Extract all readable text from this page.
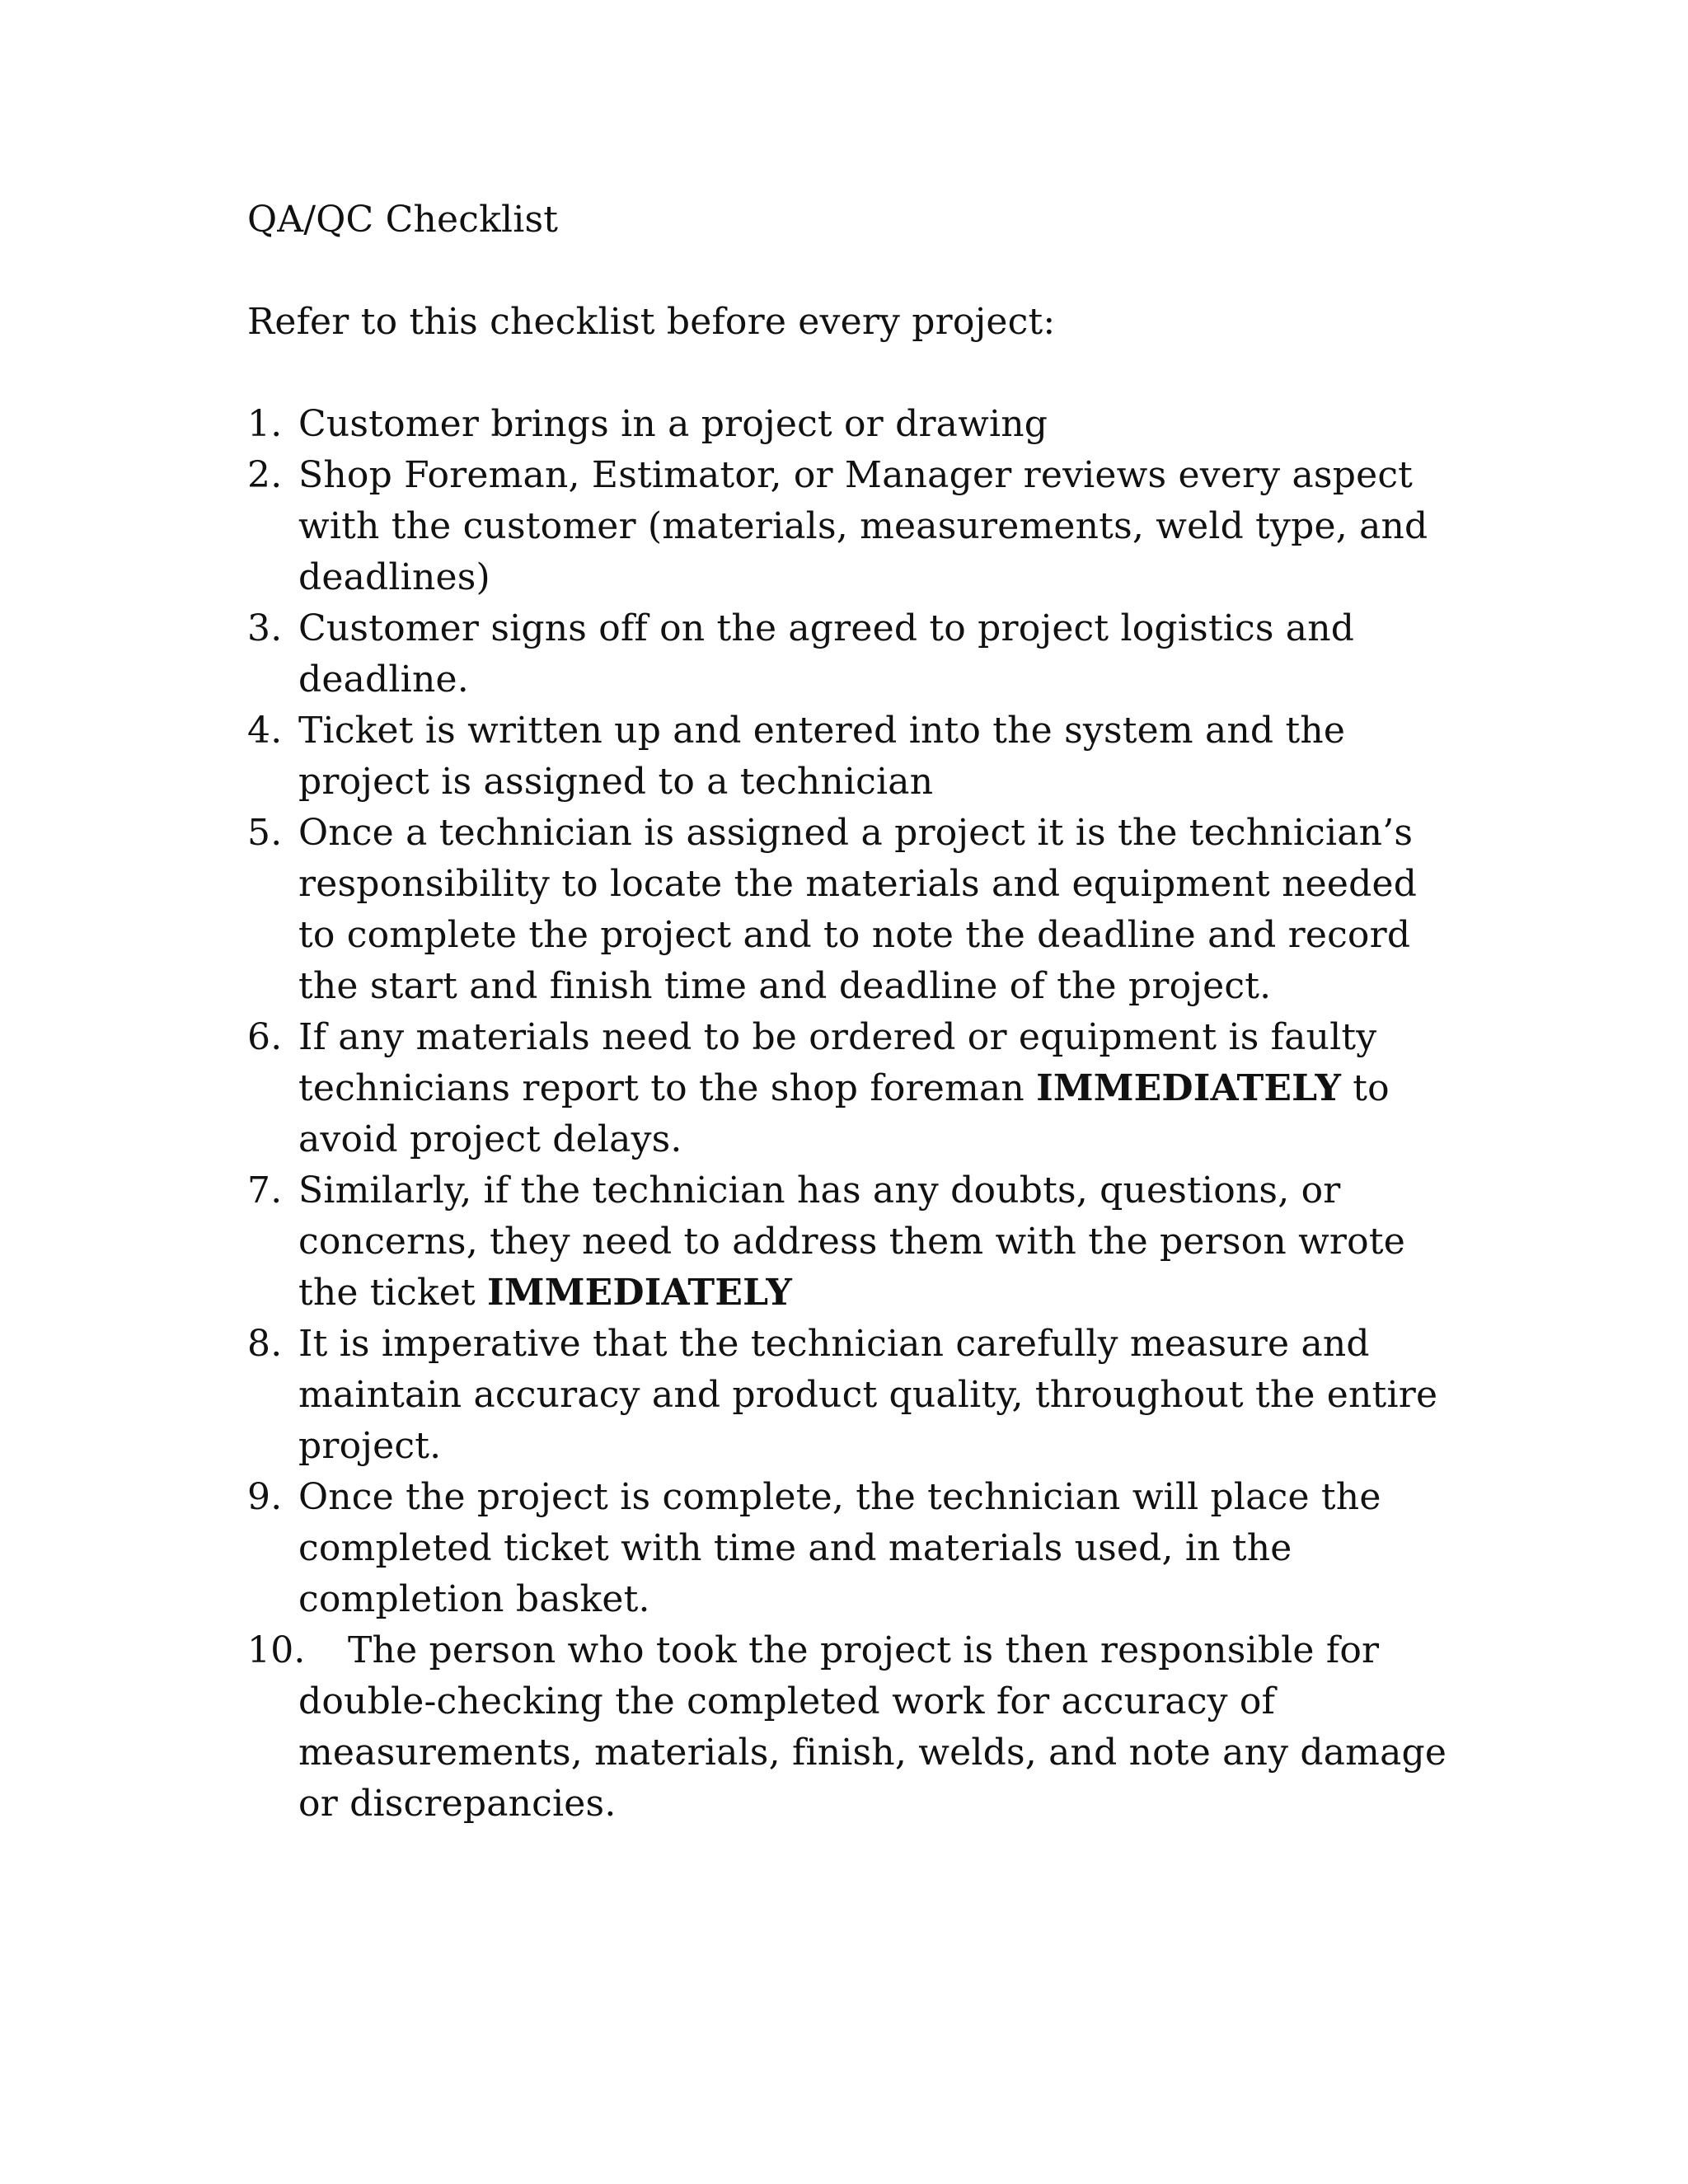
QA/QC Checklist

Refer to this checklist before every project:

1. Customer brings in a project or drawing
2. Shop Foreman, Estimator, or Manager reviews every aspect with the customer (materials, measurements, weld type, and deadlines)
3. Customer signs off on the agreed to project logistics and deadline.
4. Ticket is written up and entered into the system and the project is assigned to a technician
5. Once a technician is assigned a project it is the technician’s responsibility to locate the materials and equipment needed to complete the project and to note the deadline and record the start and finish time and deadline of the project.
6. If any materials need to be ordered or equipment is faulty technicians report to the shop foreman IMMEDIATELY to avoid project delays.
7. Similarly, if the technician has any doubts, questions, or concerns, they need to address them with the person wrote the ticket IMMEDIATELY
8. It is imperative that the technician carefully measure and maintain accuracy and product quality, throughout the entire project.
9. Once the project is complete, the technician will place the completed ticket with time and materials used, in the completion basket.
10. The person who took the project is then responsible for double-checking the completed work for accuracy of measurements, materials, finish, welds, and note any damage or discrepancies.
